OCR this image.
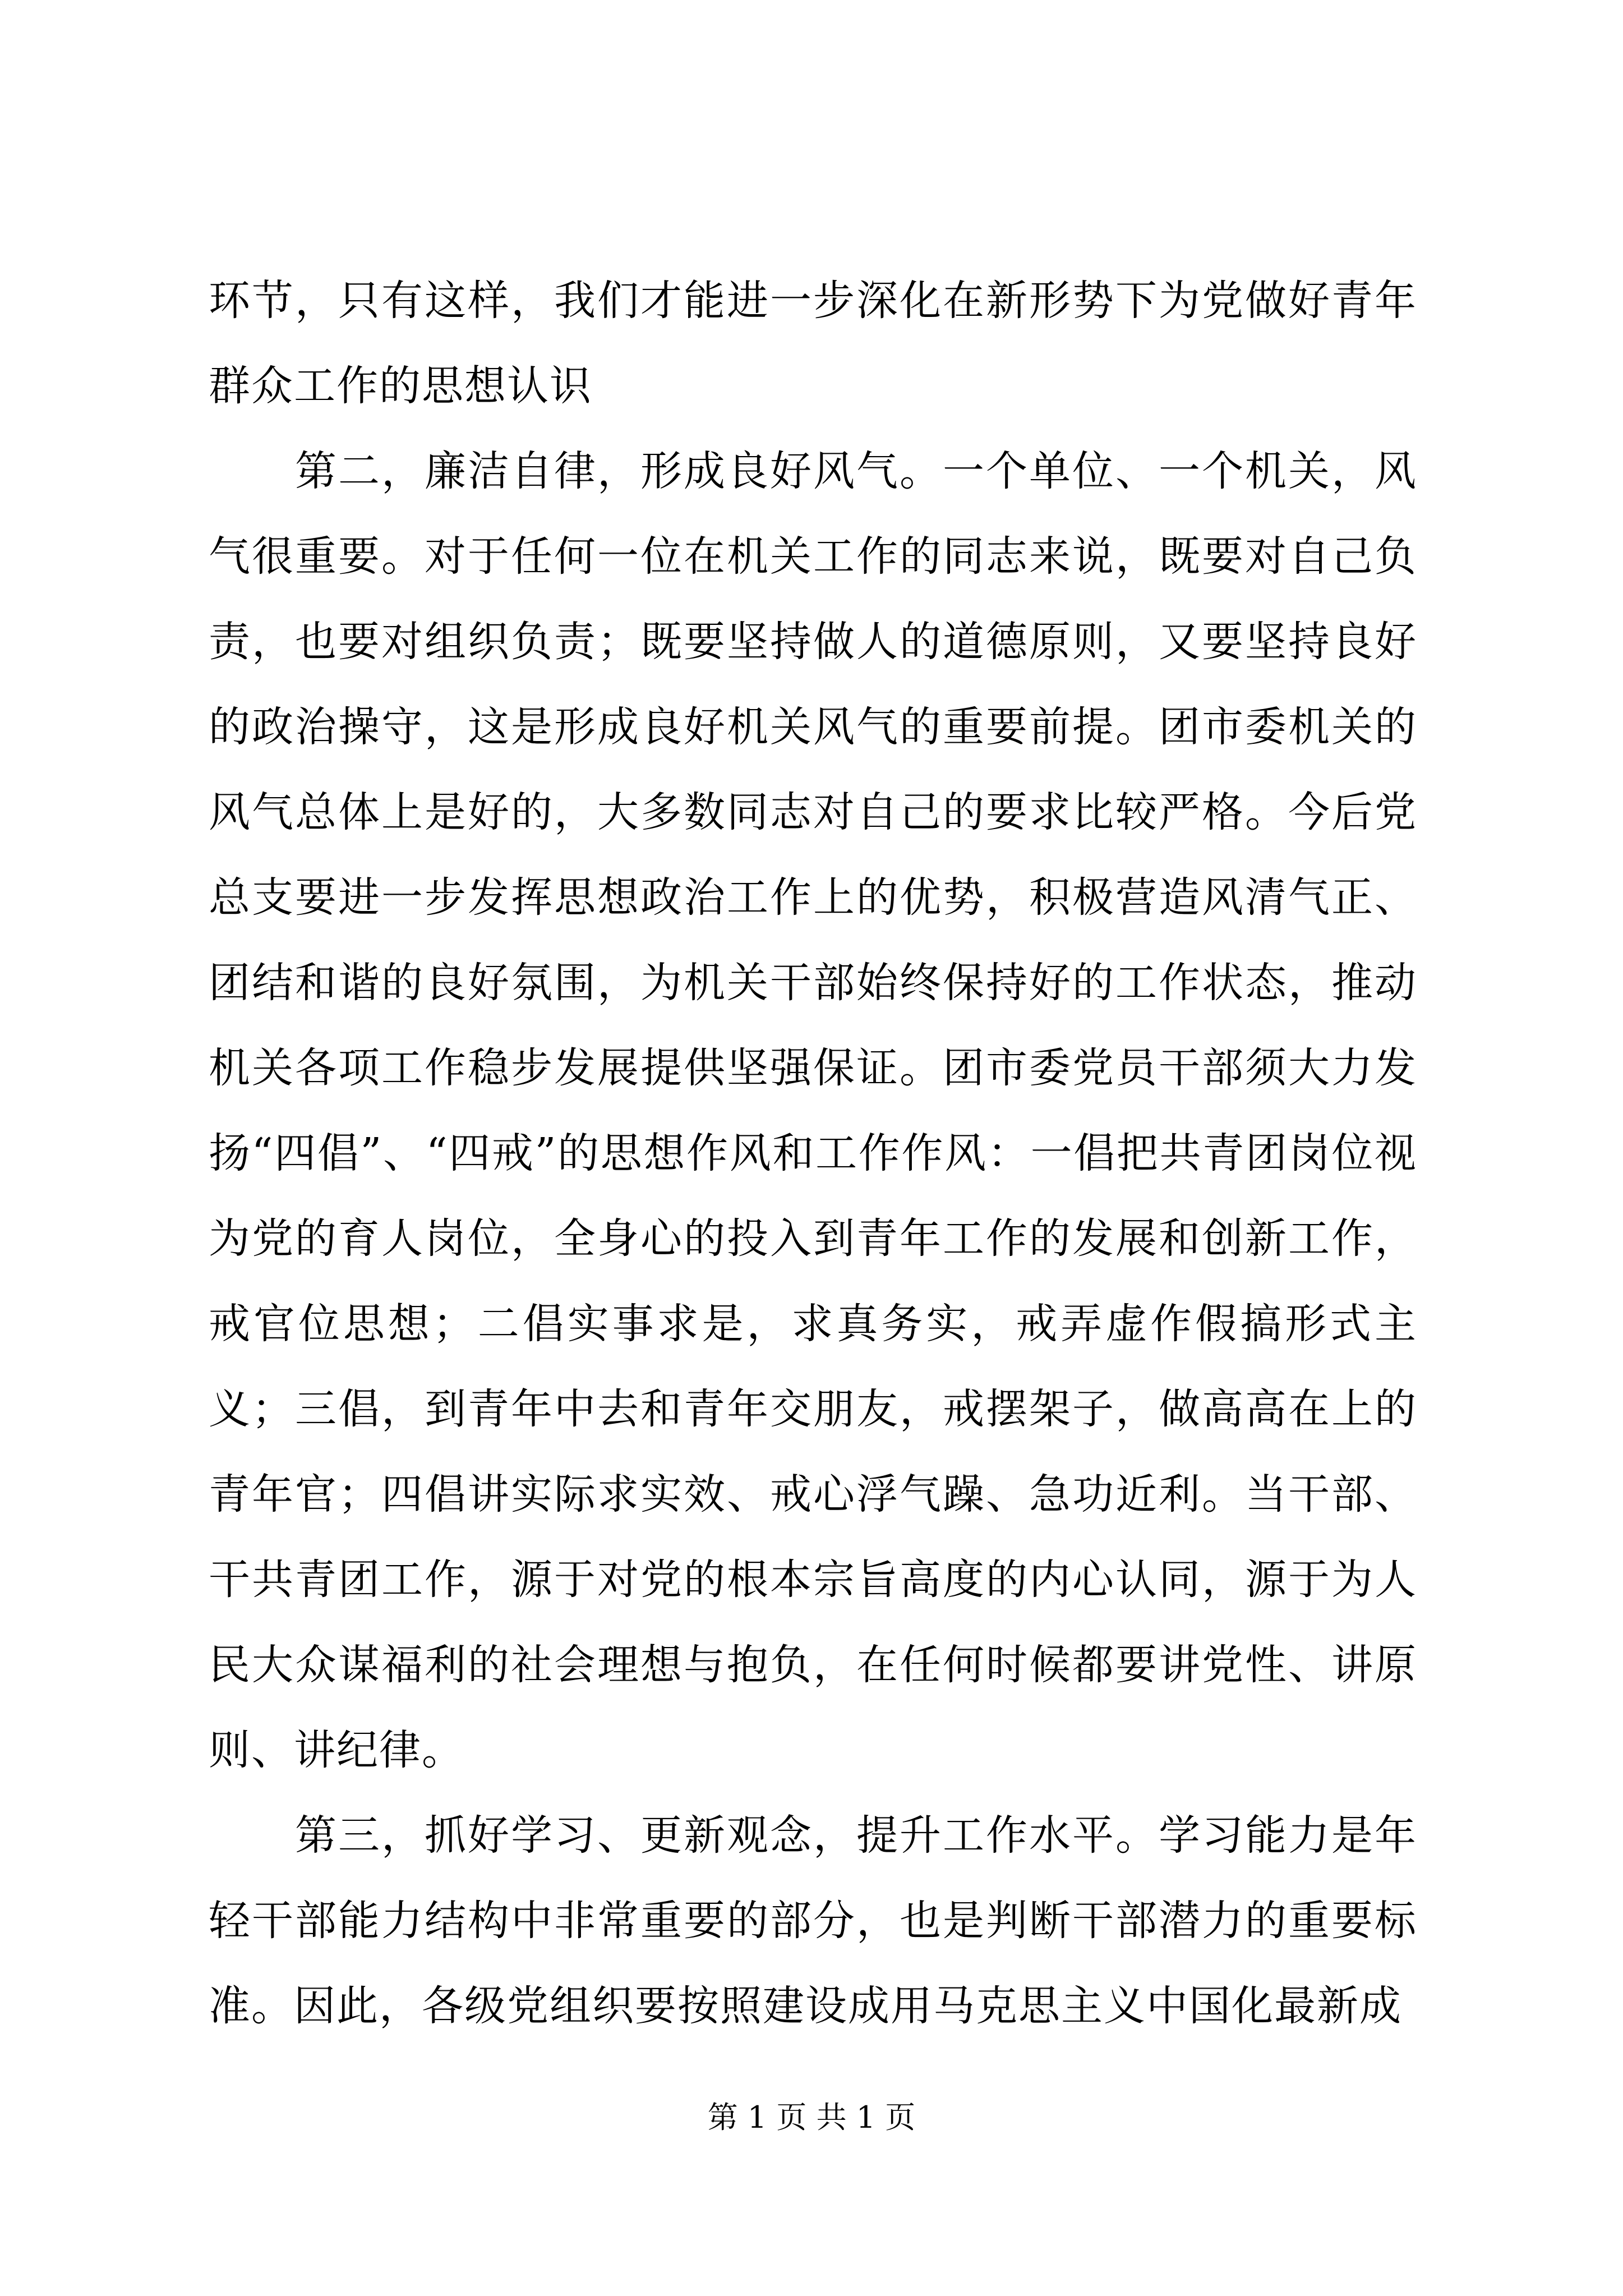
环节，只有这样，我们才能进一步深化在新形势下为党做好青年群众工作的思想认识

第二，廉洁自律，形成良好风气。一个单位、一个机关，风气很重要。对于任何一位在机关工作的同志来说，既要对自己负责，也要对组织负责；既要坚持做人的道德原则，又要坚持良好的政治操守，这是形成良好机关风气的重要前提。团市委机关的风气总体上是好的，大多数同志对自己的要求比较严格。今后党总支要进一步发挥思想政治工作上的优势，积极营造风清气正、团结和谐的良好氛围，为机关干部始终保持好的工作状态，推动机关各项工作稳步发展提供坚强保证。团市委党员干部须大力发扬“四倡”、“四戒”的思想作风和工作作风：一倡把共青团岗位视为党的育人岗位，全身心的投入到青年工作的发展和创新工作，戒官位思想；二倡实事求是，求真务实，戒弄虚作假搞形式主义；三倡，到青年中去和青年交朋友，戒摆架子，做高高在上的青年官；四倡讲实际求实效、戒心浮气躁、急功近利。当干部、干共青团工作，源于对党的根本宗旨高度的内心认同，源于为人民大众谋福利的社会理想与抱负，在任何时候都要讲党性、讲原则、讲纪律。

第三，抓好学习、更新观念，提升工作水平。学习能力是年轻干部能力结构中非常重要的部分，也是判断干部潜力的重要标准。因此，各级党组织要按照建设成用马克思主义中国化最新成

第 1 页 共 1 页
